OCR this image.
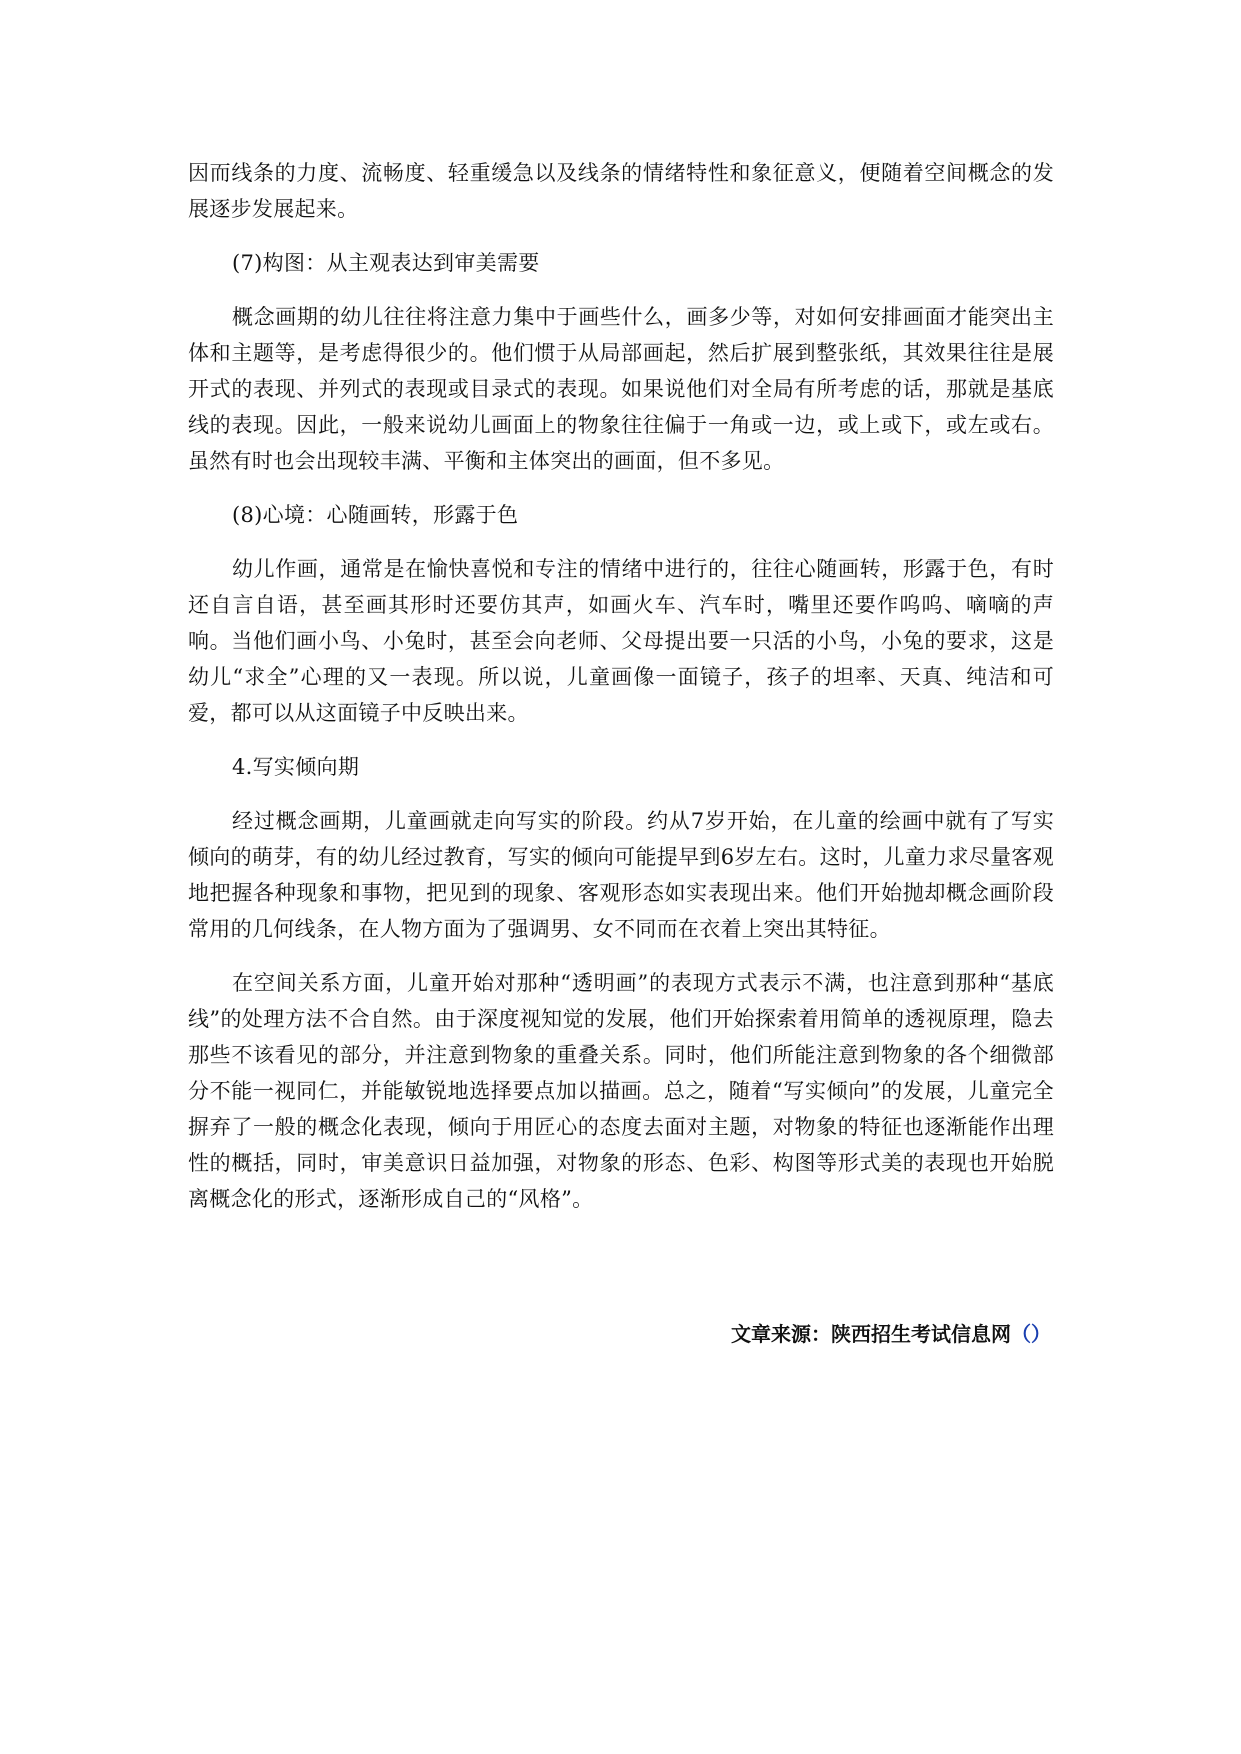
因而线条的力度、流畅度、轻重缓急以及线条的情绪特性和象征意义，便随着空间概念的发展逐步发展起来。

(7)构图：从主观表达到审美需要

概念画期的幼儿往往将注意力集中于画些什么，画多少等，对如何安排画面才能突出主体和主题等，是考虑得很少的。他们惯于从局部画起，然后扩展到整张纸，其效果往往是展开式的表现、并列式的表现或目录式的表现。如果说他们对全局有所考虑的话，那就是基底线的表现。因此，一般来说幼儿画面上的物象往往偏于一角或一边，或上或下，或左或右。虽然有时也会出现较丰满、平衡和主体突出的画面，但不多见。

(8)心境：心随画转，形露于色

幼儿作画，通常是在愉快喜悦和专注的情绪中进行的，往往心随画转，形露于色，有时还自言自语，甚至画其形时还要仿其声，如画火车、汽车时，嘴里还要作呜呜、嘀嘀的声响。当他们画小鸟、小兔时，甚至会向老师、父母提出要一只活的小鸟，小兔的要求，这是幼儿“求全”心理的又一表现。所以说，儿童画像一面镜子，孩子的坦率、天真、纯洁和可爱，都可以从这面镜子中反映出来。

4.写实倾向期

经过概念画期，儿童画就走向写实的阶段。约从7岁开始，在儿童的绘画中就有了写实倾向的萌芽，有的幼儿经过教育，写实的倾向可能提早到6岁左右。这时，儿童力求尽量客观地把握各种现象和事物，把见到的现象、客观形态如实表现出来。他们开始抛却概念画阶段常用的几何线条，在人物方面为了强调男、女不同而在衣着上突出其特征。

在空间关系方面，儿童开始对那种“透明画”的表现方式表示不满，也注意到那种“基底线”的处理方法不合自然。由于深度视知觉的发展，他们开始探索着用简单的透视原理，隐去那些不该看见的部分，并注意到物象的重叠关系。同时，他们所能注意到物象的各个细微部分不能一视同仁，并能敏锐地选择要点加以描画。总之，随着“写实倾向”的发展，儿童完全摒弃了一般的概念化表现，倾向于用匠心的态度去面对主题，对物象的特征也逐渐能作出理性的概括，同时，审美意识日益加强，对物象的形态、色彩、构图等形式美的表现也开始脱离概念化的形式，逐渐形成自己的“风格”。

文章来源：陕西招生考试信息网（）
